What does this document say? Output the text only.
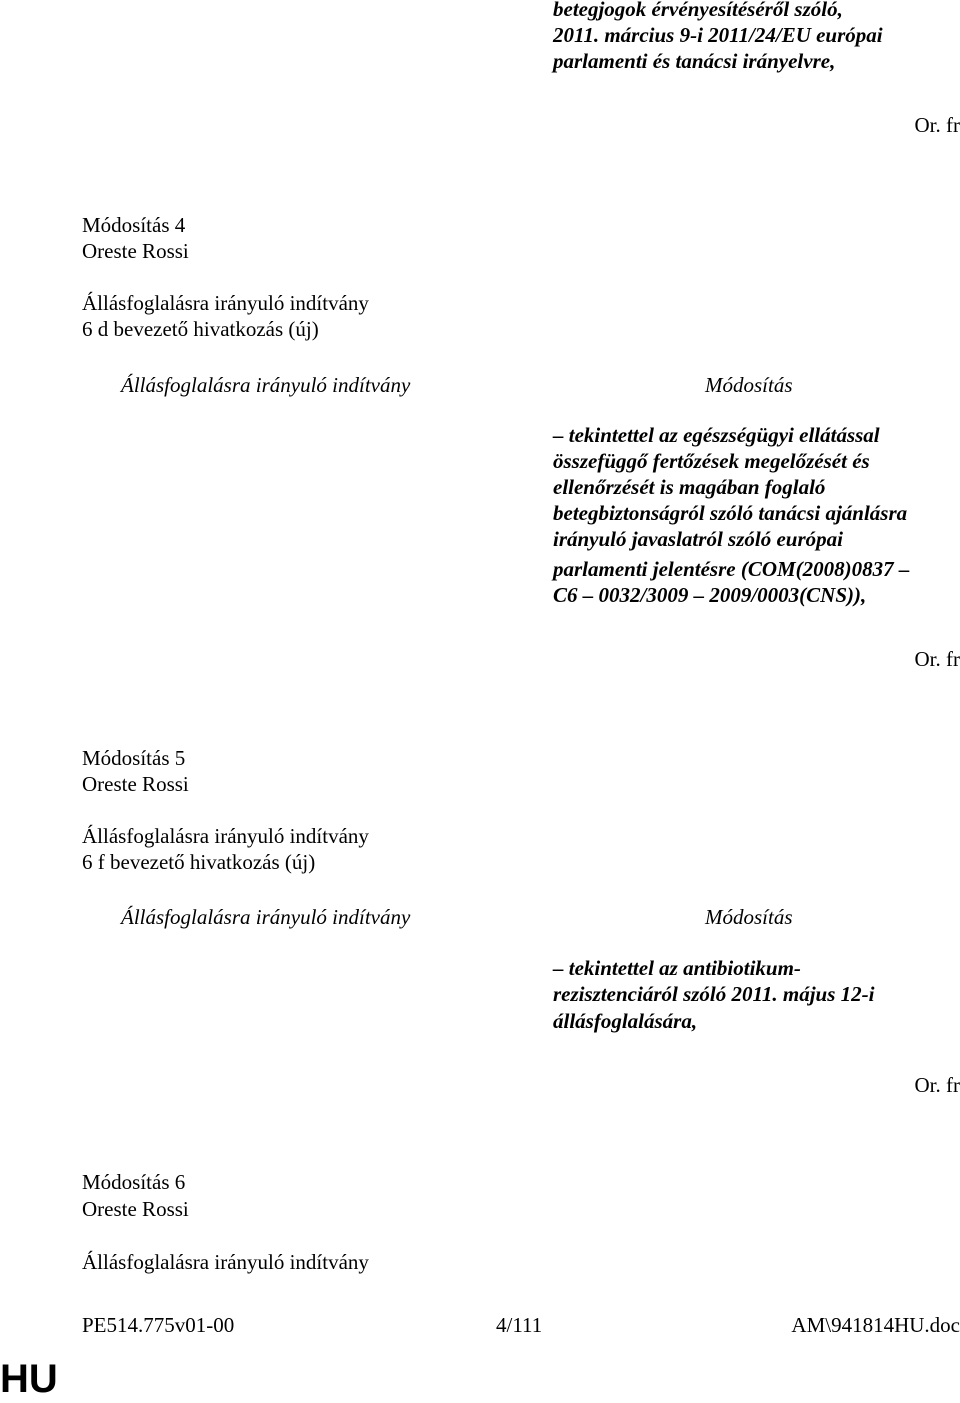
betegjogok érvényesítéséről szóló,
2011. március 9-i 2011/24/EU európai
parlamenti és tanácsi irányelvre,
Or. fr
Módosítás 4
Oreste Rossi
Állásfoglalásra irányuló indítvány
6 d bevezető hivatkozás (új)
Állásfoglalásra irányuló indítvány	Módosítás
– tekintettel az egészségügyi ellátással
összefüggő fertőzések megelőzését és
ellenőrzését is magában foglaló
betegbiztonságról szóló tanácsi ajánlásra
irányuló javaslatról szóló európai
parlamenti jelentésre (COM(2008)0837 –
C6 – 0032/3009 – 2009/0003(CNS)),
Or. fr
Módosítás 5
Oreste Rossi
Állásfoglalásra irányuló indítvány
6 f bevezető hivatkozás (új)
Állásfoglalásra irányuló indítvány	Módosítás
– tekintettel az antibiotikum-
rezisztenciáról szóló 2011. május 12-i
állásfoglalására,
Or. fr
Módosítás 6
Oreste Rossi
Állásfoglalásra irányuló indítvány
PE514.775v01-00	4/111	AM\941814HU.doc
HU
